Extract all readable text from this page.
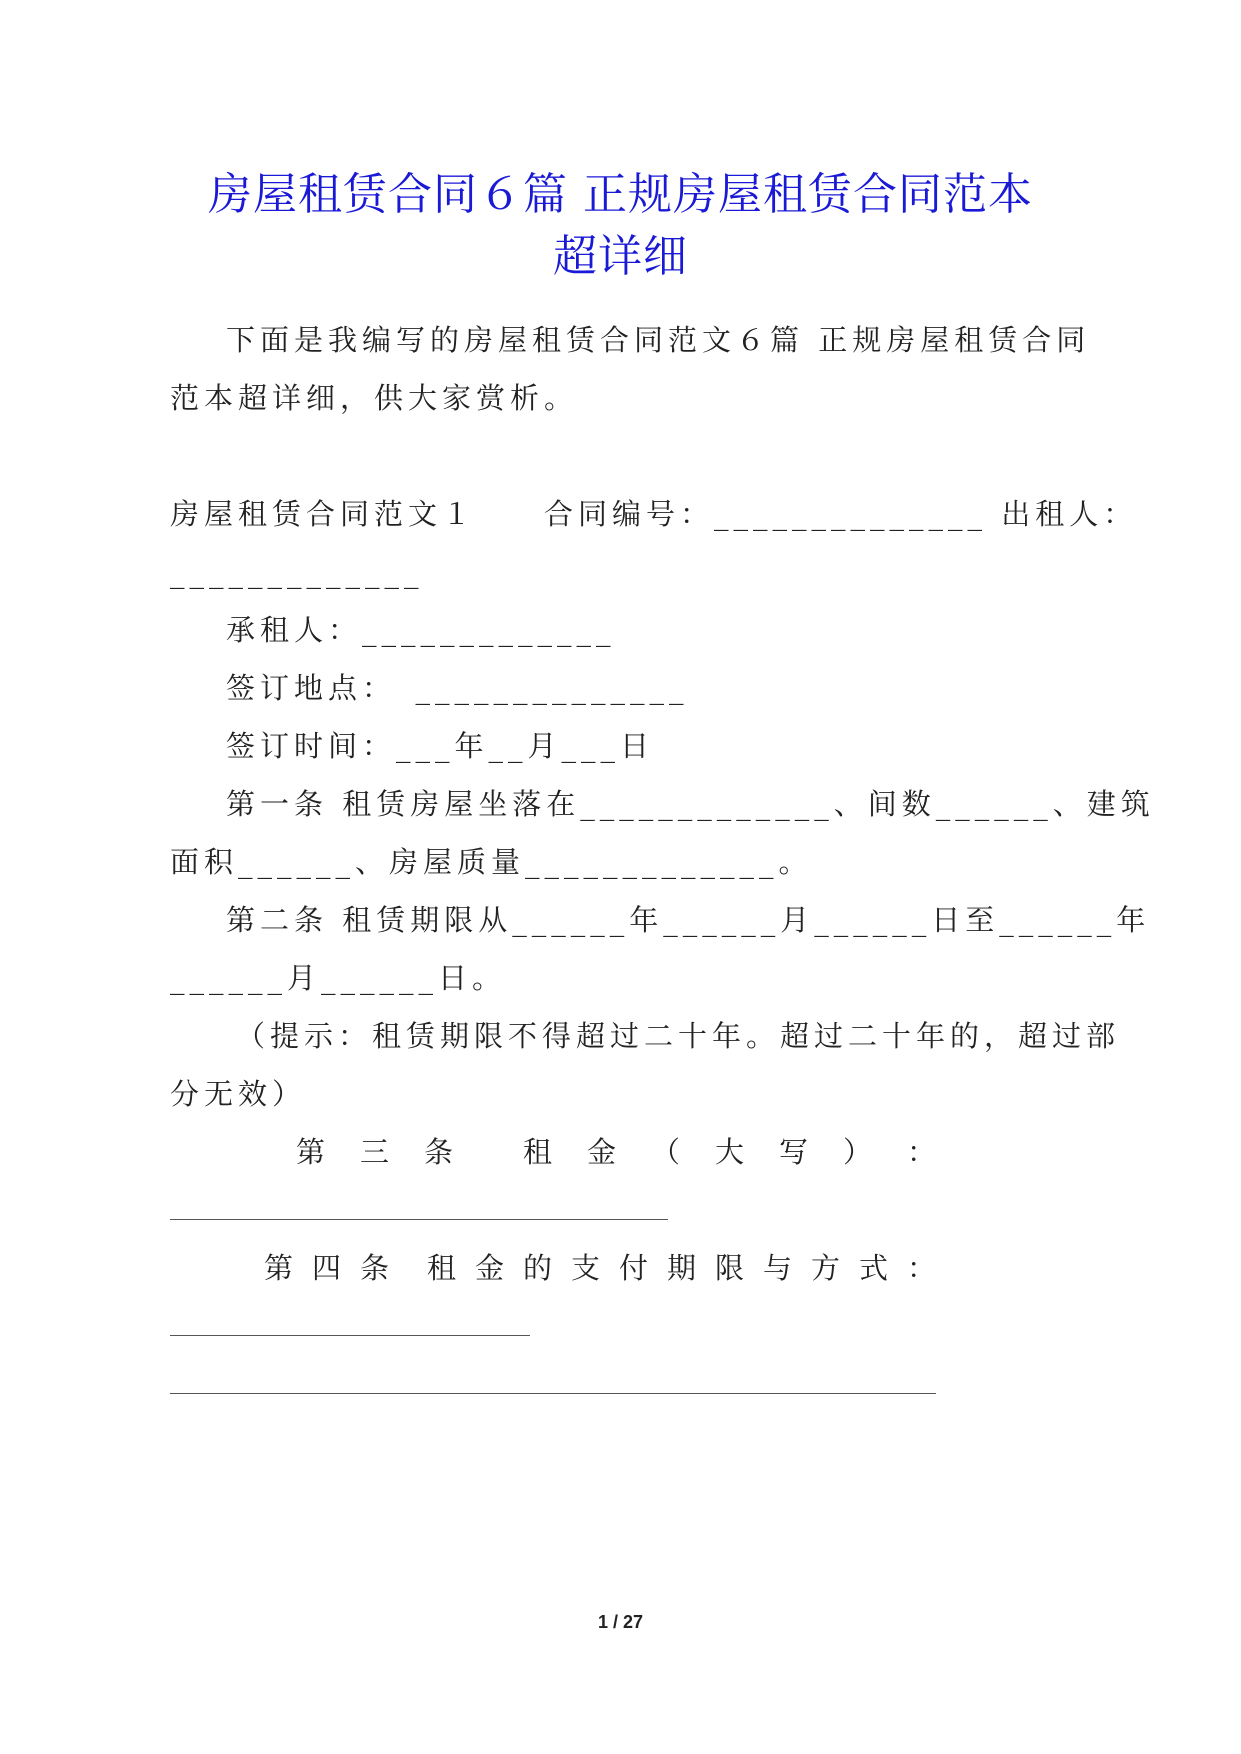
房屋租赁合同６篇 正规房屋租赁合同范本
超详细
下面是我编写的房屋租赁合同范文６篇 正规房屋租赁合同
范本超详细，供大家赏析。
房屋租赁合同范文１　　合同编号：______________ 出租人：
_____________
承租人：_____________
签订地点：　______________
签订时间：___年__月___日
第一条 租赁房屋坐落在_____________、间数______、建筑
面积______、房屋质量_____________。
第二条 租赁期限从______年______月______日至______年
______月______日。
（提示：租赁期限不得超过二十年。超过二十年的，超过部
分无效）
第 三 条 租 金 （ 大 写 ） ：
第 四 条 租 金 的 支 付 期 限 与 方 式 ：
1 / 27
